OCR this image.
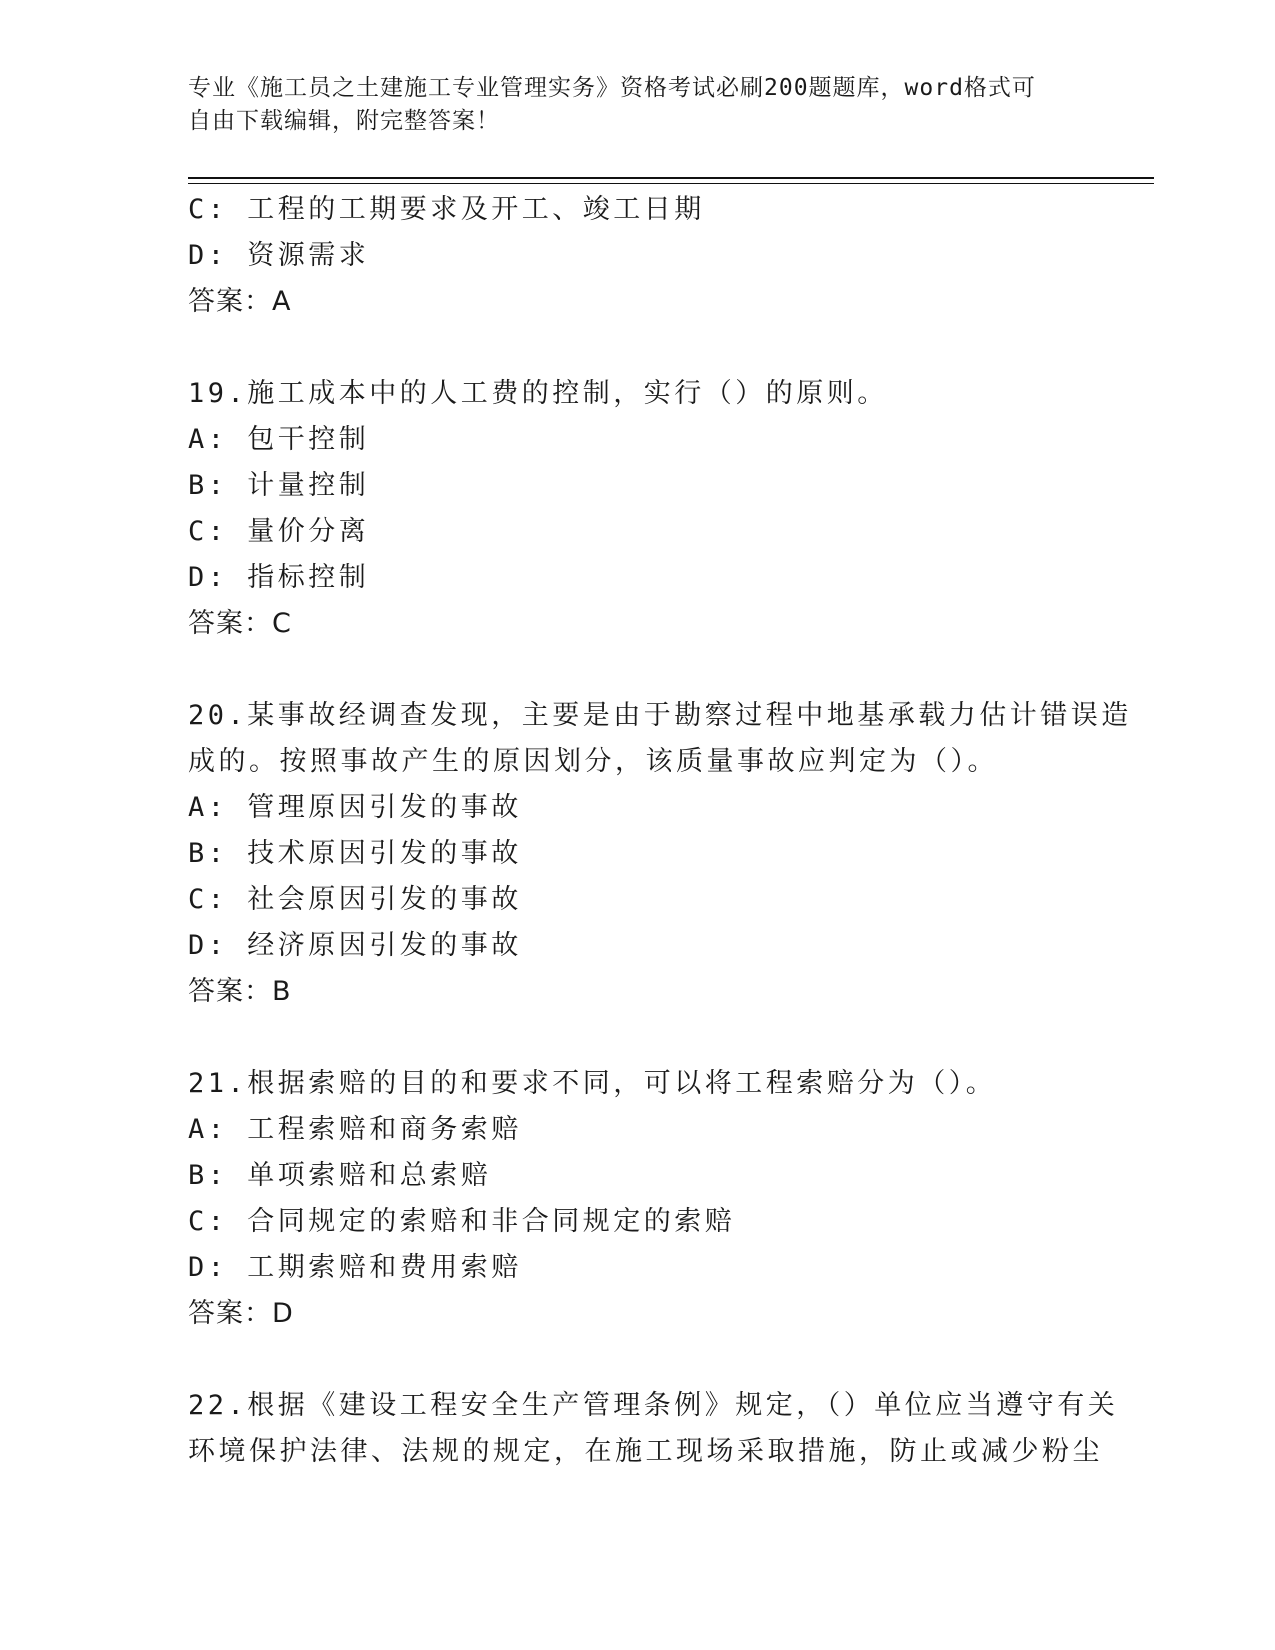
专业《施工员之土建施工专业管理实务》资格考试必刷200题题库，word格式可
自由下载编辑，附完整答案！
C: 工程的工期要求及开工、竣工日期
D: 资源需求
答案：A
19.施工成本中的人工费的控制，实行（）的原则。
A: 包干控制
B: 计量控制
C: 量价分离
D: 指标控制
答案：C
20.某事故经调查发现，主要是由于勘察过程中地基承载力估计错误造
成的。按照事故产生的原因划分，该质量事故应判定为（）。
A: 管理原因引发的事故
B: 技术原因引发的事故
C: 社会原因引发的事故
D: 经济原因引发的事故
答案：B
21.根据索赔的目的和要求不同，可以将工程索赔分为（）。
A: 工程索赔和商务索赔
B: 单项索赔和总索赔
C: 合同规定的索赔和非合同规定的索赔
D: 工期索赔和费用索赔
答案：D
22.根据《建设工程安全生产管理条例》规定，（）单位应当遵守有关
环境保护法律、法规的规定，在施工现场采取措施，防止或减少粉尘
